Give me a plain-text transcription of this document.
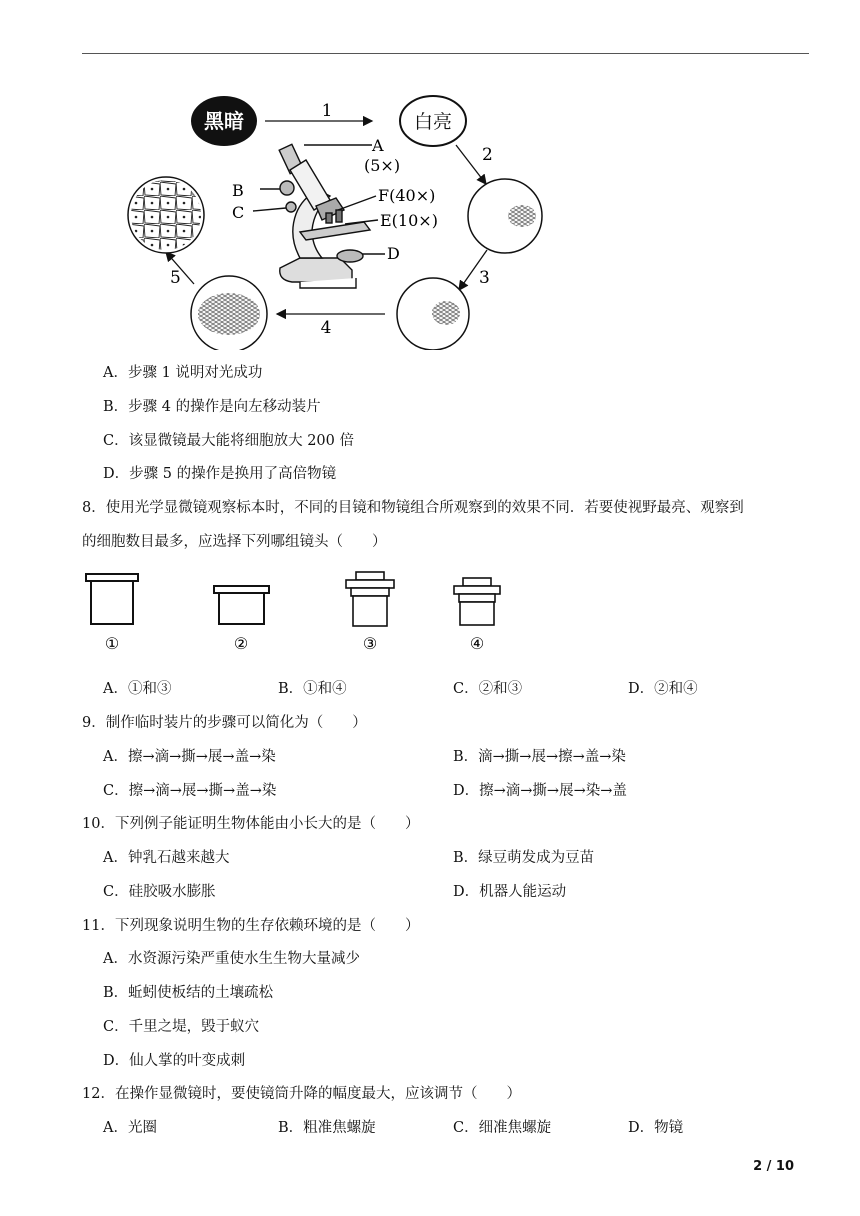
黑暗	1	白亮
2
3
4
5
B
C
A
(5×)
F(40×)
E(10×)
D
A．步骤 1 说明对光成功
B．步骤 4 的操作是向左移动装片
C．该显微镜最大能将细胞放大 200 倍
D．步骤 5 的操作是换用了高倍物镜
8．使用光学显微镜观察标本时，不同的目镜和物镜组合所观察到的效果不同．若要使视野最亮、观察到
的细胞数目最多，应选择下列哪组镜头（　　）
①	②	③	④
A．①和③	B．①和④	C．②和③	D．②和④
9．制作临时装片的步骤可以简化为（　　）
A．擦→滴→撕→展→盖→染	B．滴→撕→展→擦→盖→染
C．擦→滴→展→撕→盖→染	D．擦→滴→撕→展→染→盖
10．下列例子能证明生物体能由小长大的是（　　）
A．钟乳石越来越大	B．绿豆萌发成为豆苗
C．硅胶吸水膨胀	D．机器人能运动
11．下列现象说明生物的生存依赖环境的是（　　）
A．水资源污染严重使水生生物大量减少
B．蚯蚓使板结的土壤疏松
C．千里之堤，毁于蚁穴
D．仙人掌的叶变成刺
12．在操作显微镜时，要使镜筒升降的幅度最大，应该调节（　　）
A．光圈	B．粗准焦螺旋	C．细准焦螺旋	D．物镜
2 / 10
